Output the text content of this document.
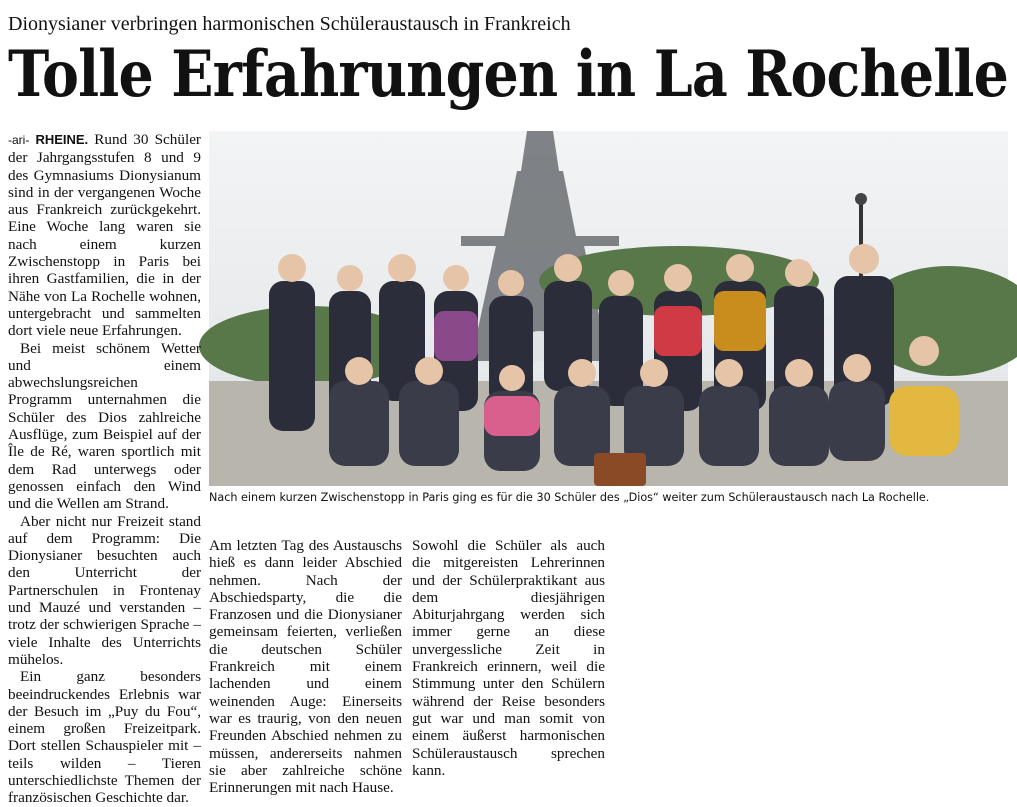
Dionysianer verbringen harmonischen Schüleraustausch in Frankreich
Tolle Erfahrungen in La Rochelle
Nach einem kurzen Zwischenstopp in Paris ging es für die 30 Schüler des „Dios“ weiter zum Schüleraustausch nach La Rochelle.

-ari- RHEINE. Rund 30 Schüler der Jahrgangsstufen 8 und 9 des Gymnasiums Dionysianum sind in der vergangenen Woche aus Frankreich zurückgekehrt. Eine Woche lang waren sie nach einem kurzen Zwischenstopp in Paris bei ihren Gastfamilien, die in der Nähe von La Rochelle wohnen, untergebracht und sammelten dort viele neue Erfahrungen.

Bei meist schönem Wetter und einem abwechslungsreichen Programm unternahmen die Schüler des Dios zahlreiche Ausflüge, zum Beispiel auf der Île de Ré, waren sportlich mit dem Rad unterwegs oder genossen einfach den Wind und die Wellen am Strand.

Aber nicht nur Freizeit stand auf dem Programm: Die Dionysianer besuchten auch den Unterricht der Partnerschulen in Frontenay und Mauzé und verstanden – trotz der schwierigen Sprache – viele Inhalte des Unterrichts mühelos.

Ein ganz besonders beeindruckendes Erlebnis war der Besuch im „Puy du Fou“, einem großen Freizeitpark. Dort stellen Schauspieler mit – teils wilden – Tieren unterschiedlichste Themen der französischen Geschichte dar.

Am letzten Tag des Austauschs hieß es dann leider Abschied nehmen. Nach der Abschiedsparty, die die Franzosen und die Dionysianer gemeinsam feierten, verließen die deutschen Schüler Frankreich mit einem lachenden und einem weinenden Auge: Einerseits war es traurig, von den neuen Freunden Abschied nehmen zu müssen, andererseits nahmen sie aber zahlreiche schöne Erinnerungen mit nach Hause.

Sowohl die Schüler als auch die mitgereisten Lehrerinnen und der Schülerpraktikant aus dem diesjährigen Abiturjahrgang werden sich immer gerne an diese unvergessliche Zeit in Frankreich erinnern, weil die Stimmung unter den Schülern während der Reise besonders gut war und man somit von einem äußerst harmonischen Schüleraustausch sprechen kann.
